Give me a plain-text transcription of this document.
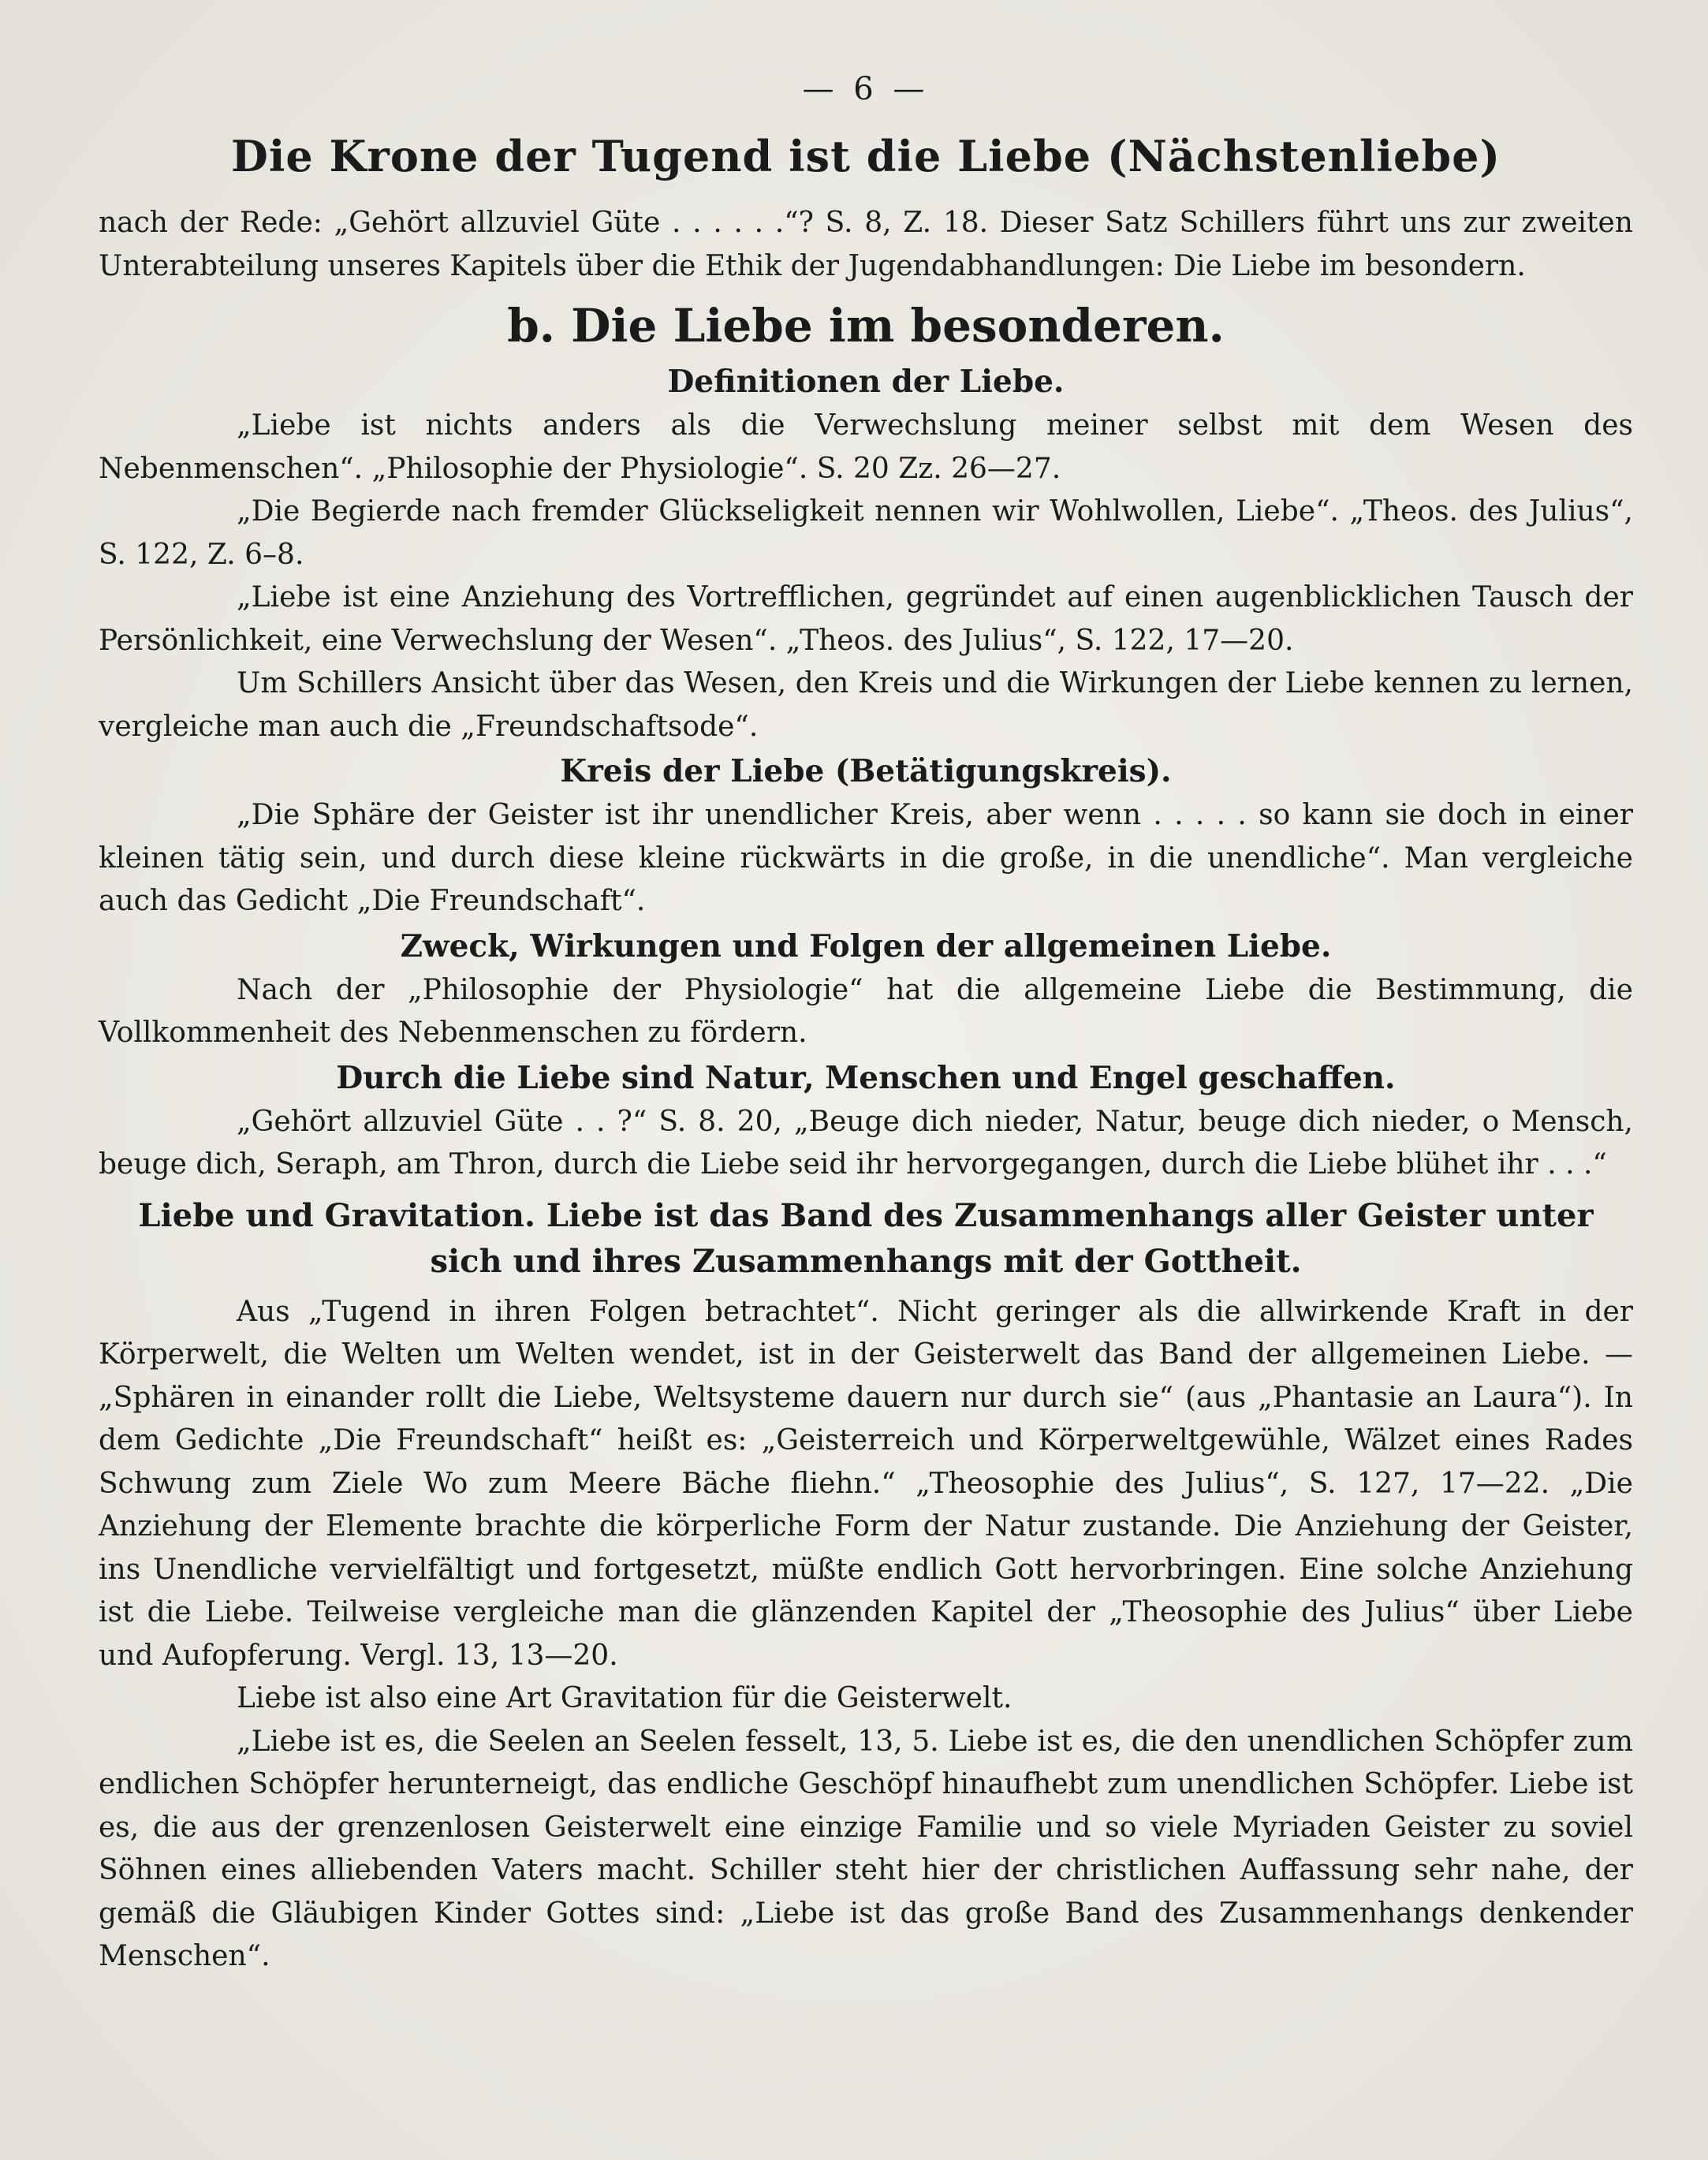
— 6 —
Die Krone der Tugend ist die Liebe (Nächstenliebe)

nach der Rede: „Gehört allzuviel Güte . . . . . .“? S. 8, Z. 18. Dieser Satz Schillers führt uns zur zweiten Unterabteilung unseres Kapitels über die Ethik der Jugendabhandlungen: Die Liebe im besondern.

b. Die Liebe im besonderen.
Definitionen der Liebe.

„Liebe ist nichts anders als die Verwechslung meiner selbst mit dem Wesen des Nebenmenschen“. „Philosophie der Physiologie“. S. 20 Zz. 26—27.

„Die Begierde nach fremder Glückseligkeit nennen wir Wohlwollen, Liebe“. „Theos. des Julius“, S. 122, Z. 6–8.

„Liebe ist eine Anziehung des Vortrefflichen, gegründet auf einen augenblicklichen Tausch der Persönlichkeit, eine Verwechslung der Wesen“. „Theos. des Julius“, S. 122, 17—20.

Um Schillers Ansicht über das Wesen, den Kreis und die Wirkungen der Liebe kennen zu lernen, vergleiche man auch die „Freundschaftsode“.

Kreis der Liebe (Betätigungskreis).

„Die Sphäre der Geister ist ihr unendlicher Kreis, aber wenn . . . . . so kann sie doch in einer kleinen tätig sein, und durch diese kleine rückwärts in die große, in die unendliche“. Man vergleiche auch das Gedicht „Die Freundschaft“.

Zweck, Wirkungen und Folgen der allgemeinen Liebe.

Nach der „Philosophie der Physiologie“ hat die allgemeine Liebe die Bestimmung, die Vollkommenheit des Nebenmenschen zu fördern.

Durch die Liebe sind Natur, Menschen und Engel geschaffen.

„Gehört allzuviel Güte . . ?“ S. 8. 20, „Beuge dich nieder, Natur, beuge dich nieder, o Mensch, beuge dich, Seraph, am Thron, durch die Liebe seid ihr hervorgegangen, durch die Liebe blühet ihr . . .“

Liebe und Gravitation. Liebe ist das Band des Zusammenhangs aller Geister unter sich und ihres Zusammenhangs mit der Gottheit.

Aus „Tugend in ihren Folgen betrachtet“. Nicht geringer als die allwirkende Kraft in der Körperwelt, die Welten um Welten wendet, ist in der Geisterwelt das Band der allgemeinen Liebe. — „Sphären in einander rollt die Liebe, Weltsysteme dauern nur durch sie“ (aus „Phantasie an Laura“). In dem Gedichte „Die Freundschaft“ heißt es: „Geisterreich und Körperweltgewühle, Wälzet eines Rades Schwung zum Ziele Wo zum Meere Bäche fliehn.“ „Theosophie des Julius“, S. 127, 17—22. „Die Anziehung der Elemente brachte die körperliche Form der Natur zustande. Die Anziehung der Geister, ins Unendliche vervielfältigt und fortgesetzt, müßte endlich Gott hervorbringen. Eine solche Anziehung ist die Liebe. Teilweise vergleiche man die glänzenden Kapitel der „Theosophie des Julius“ über Liebe und Aufopferung. Vergl. 13, 13—20.

Liebe ist also eine Art Gravitation für die Geisterwelt.

„Liebe ist es, die Seelen an Seelen fesselt, 13, 5. Liebe ist es, die den unendlichen Schöpfer zum endlichen Schöpfer herunterneigt, das endliche Geschöpf hinaufhebt zum unendlichen Schöpfer. Liebe ist es, die aus der grenzenlosen Geisterwelt eine einzige Familie und so viele Myriaden Geister zu soviel Söhnen eines alliebenden Vaters macht. Schiller steht hier der christlichen Auffassung sehr nahe, der gemäß die Gläubigen Kinder Gottes sind: „Liebe ist das große Band des Zusammenhangs denkender Menschen“.
